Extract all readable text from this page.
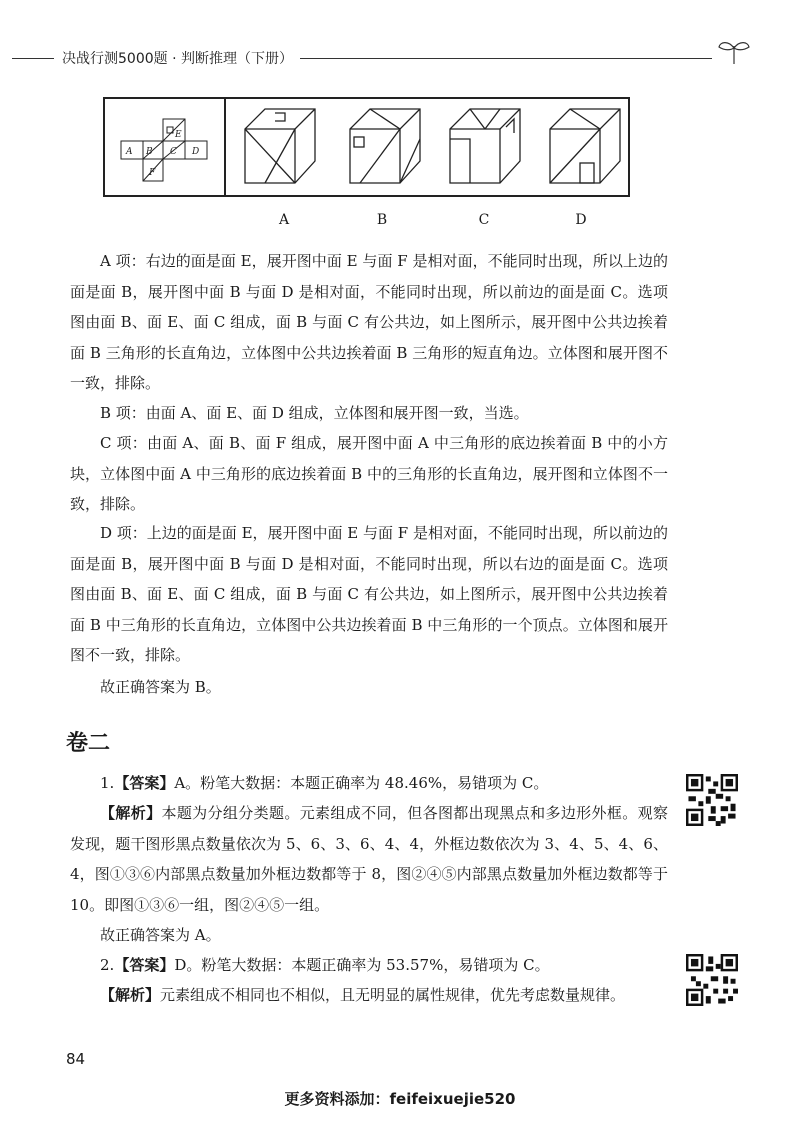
决战行测5000题 · 判断推理（下册）
A B C D
E
F
A	B	C	D
A 项：右边的面是面 E，展开图中面 E 与面 F 是相对面，不能同时出现，所以上边的面是面 B，展开图中面 B 与面 D 是相对面，不能同时出现，所以前边的面是面 C。选项图由面 B、面 E、面 C 组成，面 B 与面 C 有公共边，如上图所示，展开图中公共边挨着面 B 三角形的长直角边，立体图中公共边挨着面 B 三角形的短直角边。立体图和展开图不一致，排除。
B 项：由面 A、面 E、面 D 组成，立体图和展开图一致，当选。
C 项：由面 A、面 B、面 F 组成，展开图中面 A 中三角形的底边挨着面 B 中的小方块，立体图中面 A 中三角形的底边挨着面 B 中的三角形的长直角边，展开图和立体图不一致，排除。
D 项：上边的面是面 E，展开图中面 E 与面 F 是相对面，不能同时出现，所以前边的面是面 B，展开图中面 B 与面 D 是相对面，不能同时出现，所以右边的面是面 C。选项图由面 B、面 E、面 C 组成，面 B 与面 C 有公共边，如上图所示，展开图中公共边挨着面 B 中三角形的长直角边，立体图中公共边挨着面 B 中三角形的一个顶点。立体图和展开图不一致，排除。
故正确答案为 B。
卷二
1.【答案】A。粉笔大数据：本题正确率为 48.46%，易错项为 C。
【解析】本题为分组分类题。元素组成不同，但各图都出现黑点和多边形外框。观察发现，题干图形黑点数量依次为 5、6、3、6、4、4，外框边数依次为 3、4、5、4、6、4，图①③⑥内部黑点数量加外框边数都等于 8，图②④⑤内部黑点数量加外框边数都等于 10。即图①③⑥一组，图②④⑤一组。
故正确答案为 A。
2.【答案】D。粉笔大数据：本题正确率为 53.57%，易错项为 C。
【解析】元素组成不相同也不相似，且无明显的属性规律，优先考虑数量规律。
84
更多资料添加：feifeixuejie520
